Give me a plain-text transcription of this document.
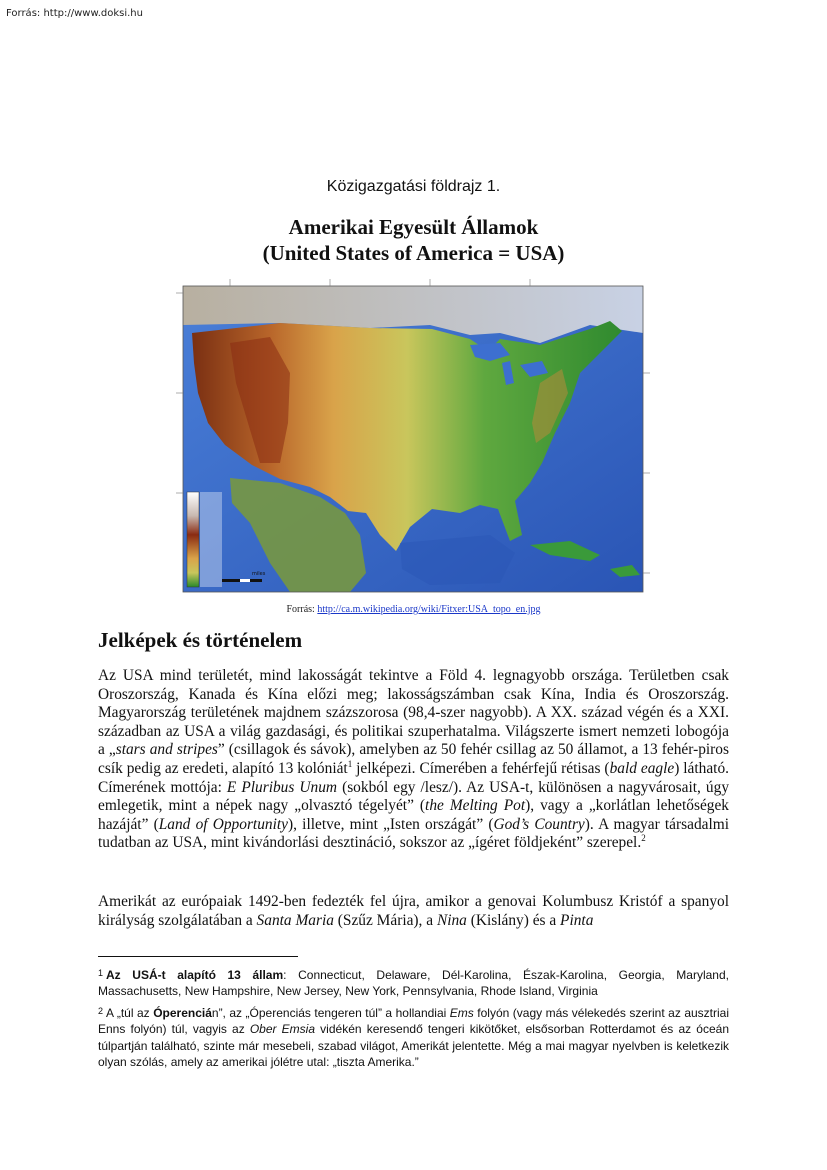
Forrás: http://www.doksi.hu
Közigazgatási földrajz 1.
Amerikai Egyesült Államok
(United States of America = USA)
miles
Forrás: http://ca.m.wikipedia.org/wiki/Fitxer:USA_topo_en.jpg
Jelképek és történelem

Az USA mind területét, mind lakosságát tekintve a Föld 4. legnagyobb országa. Területben csak Oroszország, Kanada és Kína előzi meg; lakosságszámban csak Kína, India és Oroszország. Magyarország területének majdnem százszorosa (98,4-szer nagyobb). A XX. század végén és a XXI. században az USA a világ gazdasági, és politikai szuperhatalma. Világszerte ismert nemzeti lobogója a „stars and stripes” (csillagok és sávok), amelyben az 50 fehér csillag az 50 államot, a 13 fehér-piros csík pedig az eredeti, alapító 13 kolóniát$^1$ jelképezi. Címerében a fehérfejű rétisas (bald eagle) látható. Címerének mottója: E Pluribus Unum (sokból egy /lesz/). Az USA-t, különösen a nagyvárosait, úgy emlegetik, mint a népek nagy „olvasztó tégelyét” (the Melting Pot), vagy a „korlátlan lehetőségek hazáját” (Land of Opportunity), illetve, mint „Isten országát” (God’s Country). A magyar társadalmi tudatban az USA, mint kivándorlási desztináció, sokszor az „ígéret földjeként” szerepel.$^2$

Amerikát az európaiak 1492-ben fedezték fel újra, amikor a genovai Kolumbusz Kristóf a spanyol királyság szolgálatában a Santa Maria (Szűz Mária), a Nina (Kislány) és a Pinta

$^1$ Az USÁ-t alapító 13 állam: Connecticut, Delaware, Dél-Karolina, Észak-Karolina, Georgia, Maryland, Massachusetts, New Hampshire, New Jersey, New York, Pennsylvania, Rhode Island, Virginia

$^2$ A „túl az Óperencián”, az „Óperenciás tengeren túl” a hollandiai Ems folyón (vagy más vélekedés szerint az ausztriai Enns folyón) túl, vagyis az Ober Emsia vidékén keresendő tengeri kikötőket, elsősorban Rotterdamot és az óceán túlpartján található, szinte már mesebeli, szabad világot, Amerikát jelentette. Még a mai magyar nyelvben is keletkezik olyan szólás, amely az amerikai jólétre utal: „tiszta Amerika.”
